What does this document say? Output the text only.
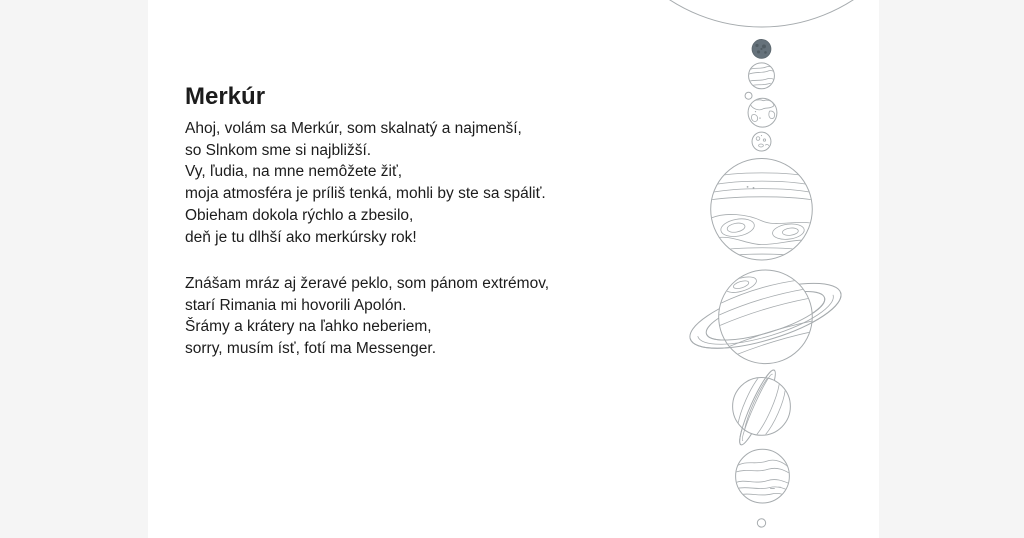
Merkúr
Ahoj, volám sa Merkúr, som skalnatý a najmenší,
so Slnkom sme si najbližší.
Vy, ľudia, na mne nemôžete žiť,
moja atmosféra je príliš tenká, mohli by ste sa spáliť.
Obieham dokola rýchlo a zbesilo,
deň je tu dlhší ako merkúrsky rok!
Znášam mráz aj žeravé peklo, som pánom extrémov,
starí Rimania mi hovorili Apolón.
Šrámy a krátery na ľahko neberiem,
sorry, musím ísť, fotí ma Messenger.
